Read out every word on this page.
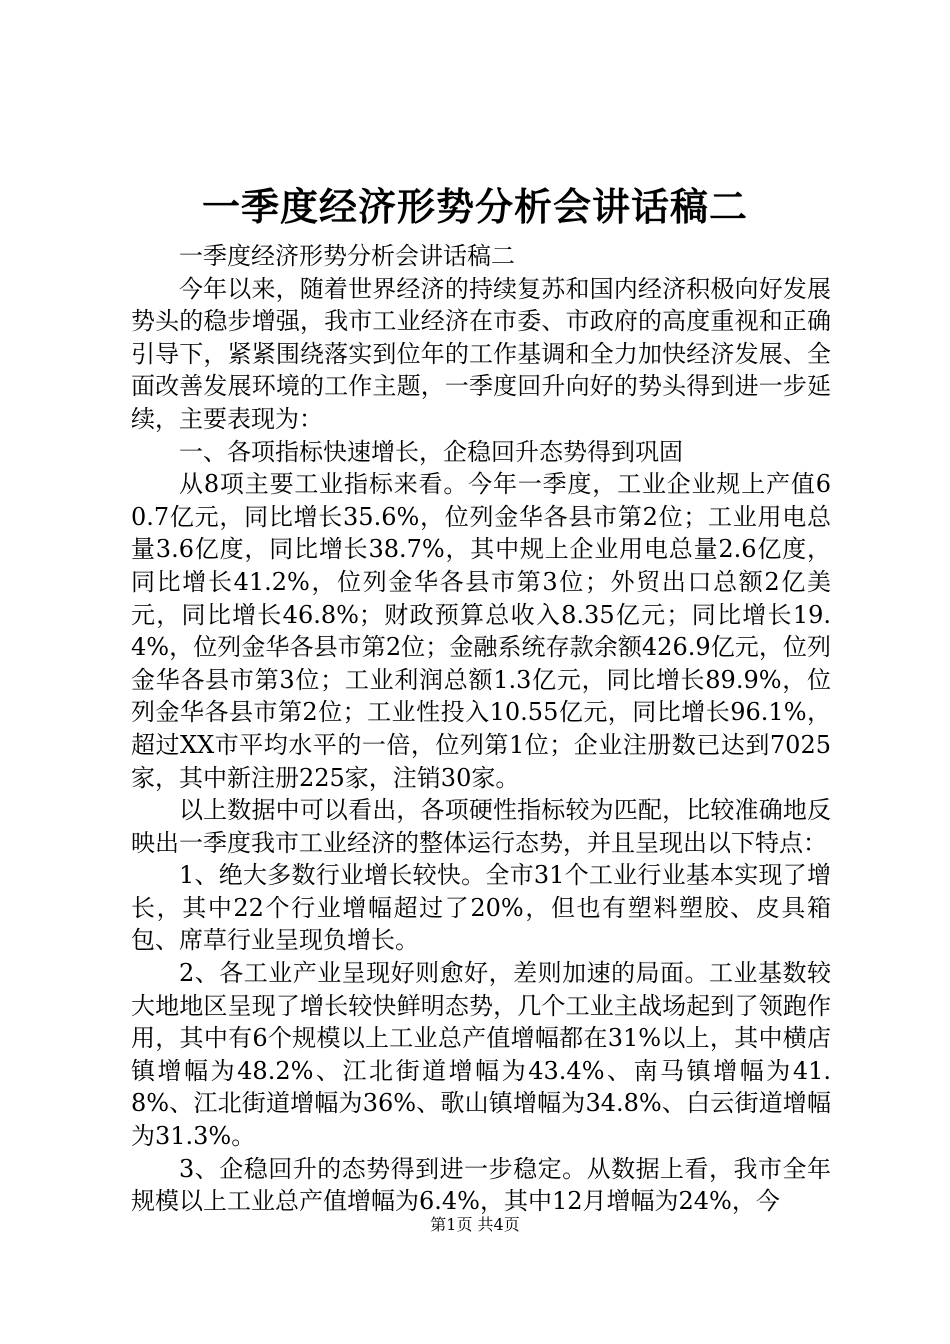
一季度经济形势分析会讲话稿二

一季度经济形势分析会讲话稿二

今年以来，随着世界经济的持续复苏和国内经济积极向好发展势头的稳步增强，我市工业经济在市委、市政府的高度重视和正确引导下，紧紧围绕落实到位年的工作基调和全力加快经济发展、全面改善发展环境的工作主题，一季度回升向好的势头得到进一步延续，主要表现为：

一、各项指标快速增长，企稳回升态势得到巩固

从8项主要工业指标来看。今年一季度，工业企业规上产值60.7亿元，同比增长35.6%，位列金华各县市第2位；工业用电总量3.6亿度，同比增长38.7%，其中规上企业用电总量2.6亿度，同比增长41.2%，位列金华各县市第3位；外贸出口总额2亿美元，同比增长46.8%；财政预算总收入8.35亿元；同比增长19.4%，位列金华各县市第2位；金融系统存款余额426.9亿元，位列金华各县市第3位；工业利润总额1.3亿元，同比增长89.9%，位列金华各县市第2位；工业性投入10.55亿元，同比增长96.1%，超过XX市平均水平的一倍，位列第1位；企业注册数已达到7025家，其中新注册225家，注销30家。

以上数据中可以看出，各项硬性指标较为匹配，比较准确地反映出一季度我市工业经济的整体运行态势，并且呈现出以下特点：

1、绝大多数行业增长较快。全市31个工业行业基本实现了增长，其中22个行业增幅超过了20%，但也有塑料塑胶、皮具箱包、席草行业呈现负增长。

2、各工业产业呈现好则愈好，差则加速的局面。工业基数较大地地区呈现了增长较快鲜明态势，几个工业主战场起到了领跑作用，其中有6个规模以上工业总产值增幅都在31%以上，其中横店镇增幅为48.2%、江北街道增幅为43.4%、南马镇增幅为41.8%、江北街道增幅为36%、歌山镇增幅为34.8%、白云街道增幅为31.3%。

3、企稳回升的态势得到进一步稳定。从数据上看，我市全年规模以上工业总产值增幅为6.4%，其中12月增幅为24%，今

第1页 共4页
